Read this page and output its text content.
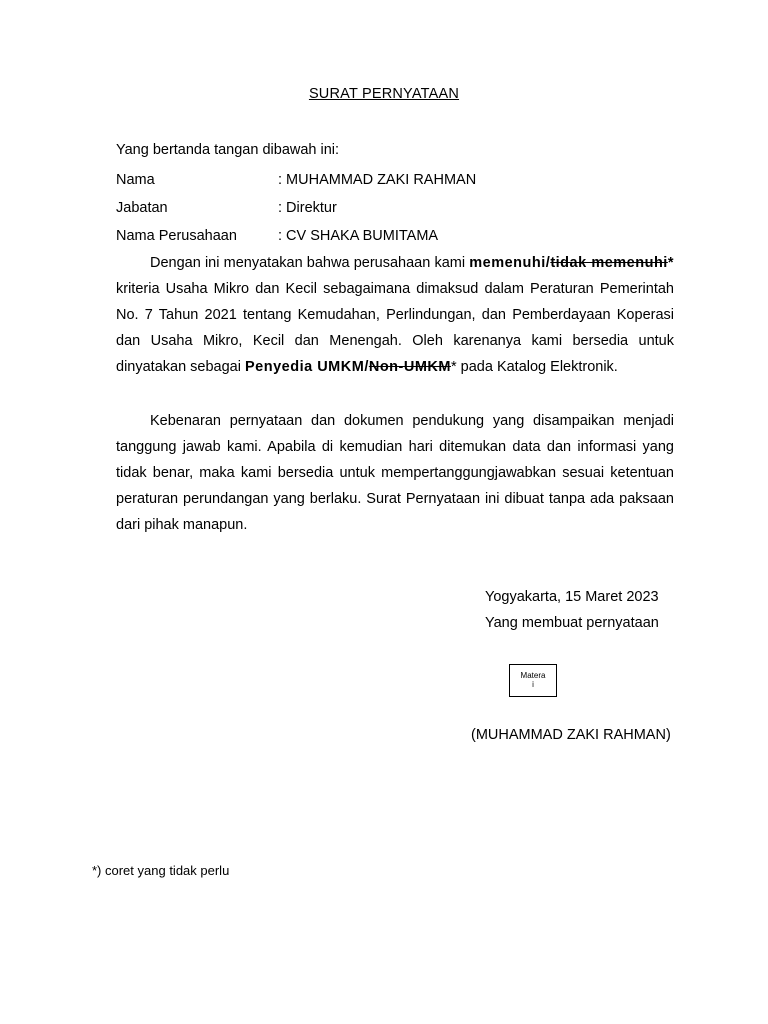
SURAT PERNYATAAN
Yang bertanda tangan dibawah ini:
Nama	: MUHAMMAD ZAKI RAHMAN
Jabatan	: Direktur
Nama Perusahaan	: CV SHAKA BUMITAMA

Dengan ini menyatakan bahwa perusahaan kami memenuhi/tidak memenuhi* kriteria Usaha Mikro dan Kecil sebagaimana dimaksud dalam Peraturan Pemerintah No. 7 Tahun 2021 tentang Kemudahan, Perlindungan, dan Pemberdayaan Koperasi dan Usaha Mikro, Kecil dan Menengah. Oleh karenanya kami bersedia untuk dinyatakan sebagai Penyedia UMKM/Non-UMKM* pada Katalog Elektronik.

Kebenaran pernyataan dan dokumen pendukung yang disampaikan menjadi tanggung jawab kami. Apabila di kemudian hari ditemukan data dan informasi yang tidak benar, maka kami bersedia untuk mempertanggungjawabkan sesuai ketentuan peraturan perundangan yang berlaku. Surat Pernyataan ini dibuat tanpa ada paksaan dari pihak manapun.

Yogyakarta, 15 Maret 2023
Yang membuat pernyataan
Matera
i
(MUHAMMAD ZAKI RAHMAN)
*) coret yang tidak perlu
